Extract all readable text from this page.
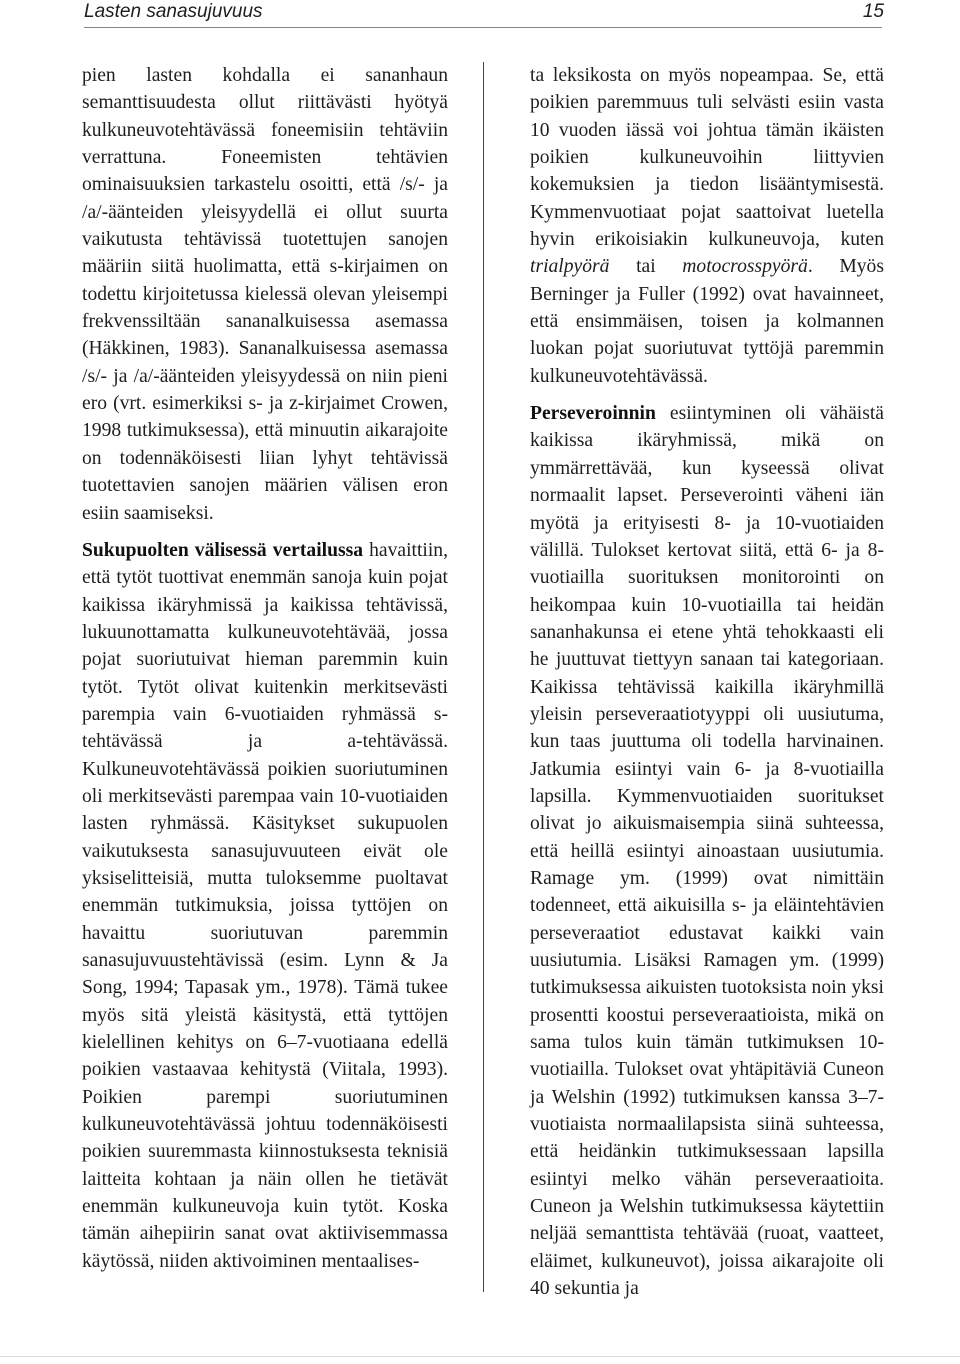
Lasten sanasujuvuus	15

pien lasten kohdalla ei sananhaun semanttisuudesta ollut riittävästi hyötyä kulkuneuvotehtävässä foneemisiin tehtäviin verrattuna. Foneemisten tehtävien ominaisuuksien tarkastelu osoitti, että /s/- ja /a/-äänteiden yleisyydellä ei ollut suurta vaikutusta tehtävissä tuotettujen sanojen määriin siitä huolimatta, että s-kirjaimen on todettu kirjoitetussa kielessä olevan yleisempi frekvenssiltään sananalkuisessa asemassa (Häkkinen, 1983). Sananalkuisessa asemassa /s/- ja /a/-äänteiden yleisyydessä on niin pieni ero (vrt. esimerkiksi s- ja z-kirjaimet Crowen, 1998 tutkimuksessa), että minuutin aikarajoite on todennäköisesti liian lyhyt tehtävissä tuotettavien sanojen määrien välisen eron esiin saamiseksi.

Sukupuolten välisessä vertailussa havaittiin, että tytöt tuottivat enemmän sanoja kuin pojat kaikissa ikäryhmissä ja kaikissa tehtävissä, lukuunottamatta kulkuneuvotehtävää, jossa pojat suoriutuivat hieman paremmin kuin tytöt. Tytöt olivat kuitenkin merkitsevästi parempia vain 6-vuotiaiden ryhmässä s-tehtävässä ja a-tehtävässä. Kulkuneuvotehtävässä poikien suoriutuminen oli merkitsevästi parempaa vain 10-vuotiaiden lasten ryhmässä. Käsitykset sukupuolen vaikutuksesta sanasujuvuuteen eivät ole yksiselitteisiä, mutta tuloksemme puoltavat enemmän tutkimuksia, joissa tyttöjen on havaittu suoriutuvan paremmin sanasujuvuustehtävissä (esim. Lynn & Ja Song, 1994; Tapasak ym., 1978). Tämä tukee myös sitä yleistä käsitystä, että tyttöjen kielellinen kehitys on 6–7-vuotiaana edellä poikien vastaavaa kehitystä (Viitala, 1993). Poikien parempi suoriutuminen kulkuneuvotehtävässä johtuu todennäköisesti poikien suuremmasta kiinnostuksesta teknisiä laitteita kohtaan ja näin ollen he tietävät enemmän kulkuneuvoja kuin tytöt. Koska tämän aihepiirin sanat ovat aktiivisemmassa käytössä, niiden aktivoiminen mentaalises-

ta leksikosta on myös nopeampaa. Se, että poikien paremmuus tuli selvästi esiin vasta 10 vuoden iässä voi johtua tämän ikäisten poikien kulkuneuvoihin liittyvien kokemuksien ja tiedon lisääntymisestä. Kymmenvuotiaat pojat saattoivat luetella hyvin erikoisiakin kulkuneuvoja, kuten trialpyörä tai motocrosspyörä. Myös Berninger ja Fuller (1992) ovat havainneet, että ensimmäisen, toisen ja kolmannen luokan pojat suoriutuvat tyttöjä paremmin kulkuneuvotehtävässä.

Perseveroinnin esiintyminen oli vähäistä kaikissa ikäryhmissä, mikä on ymmärrettävää, kun kyseessä olivat normaalit lapset. Perseverointi väheni iän myötä ja erityisesti 8- ja 10-vuotiaiden välillä. Tulokset kertovat siitä, että 6- ja 8-vuotiailla suorituksen monitorointi on heikompaa kuin 10-vuotiailla tai heidän sananhakunsa ei etene yhtä tehokkaasti eli he juuttuvat tiettyyn sanaan tai kategoriaan. Kaikissa tehtävissä kaikilla ikäryhmillä yleisin perseveraatiotyyppi oli uusiutuma, kun taas juuttuma oli todella harvinainen. Jatkumia esiintyi vain 6- ja 8-vuotiailla lapsilla. Kymmenvuotiaiden suoritukset olivat jo aikuismaisempia siinä suhteessa, että heillä esiintyi ainoastaan uusiutumia. Ramage ym. (1999) ovat nimittäin todenneet, että aikuisilla s- ja eläintehtävien perseveraatiot edustavat kaikki vain uusiutumia. Lisäksi Ramagen ym. (1999) tutkimuksessa aikuisten tuotoksista noin yksi prosentti koostui perseveraatioista, mikä on sama tulos kuin tämän tutkimuksen 10-vuotiailla. Tulokset ovat yhtäpitäviä Cuneon ja Welshin (1992) tutkimuksen kanssa 3–7-vuotiaista normaalilapsista siinä suhteessa, että heidänkin tutkimuksessaan lapsilla esiintyi melko vähän perseveraatioita. Cuneon ja Welshin tutkimuksessa käytettiin neljää semanttista tehtävää (ruoat, vaatteet, eläimet, kulkuneuvot), joissa aikarajoite oli 40 sekuntia ja
